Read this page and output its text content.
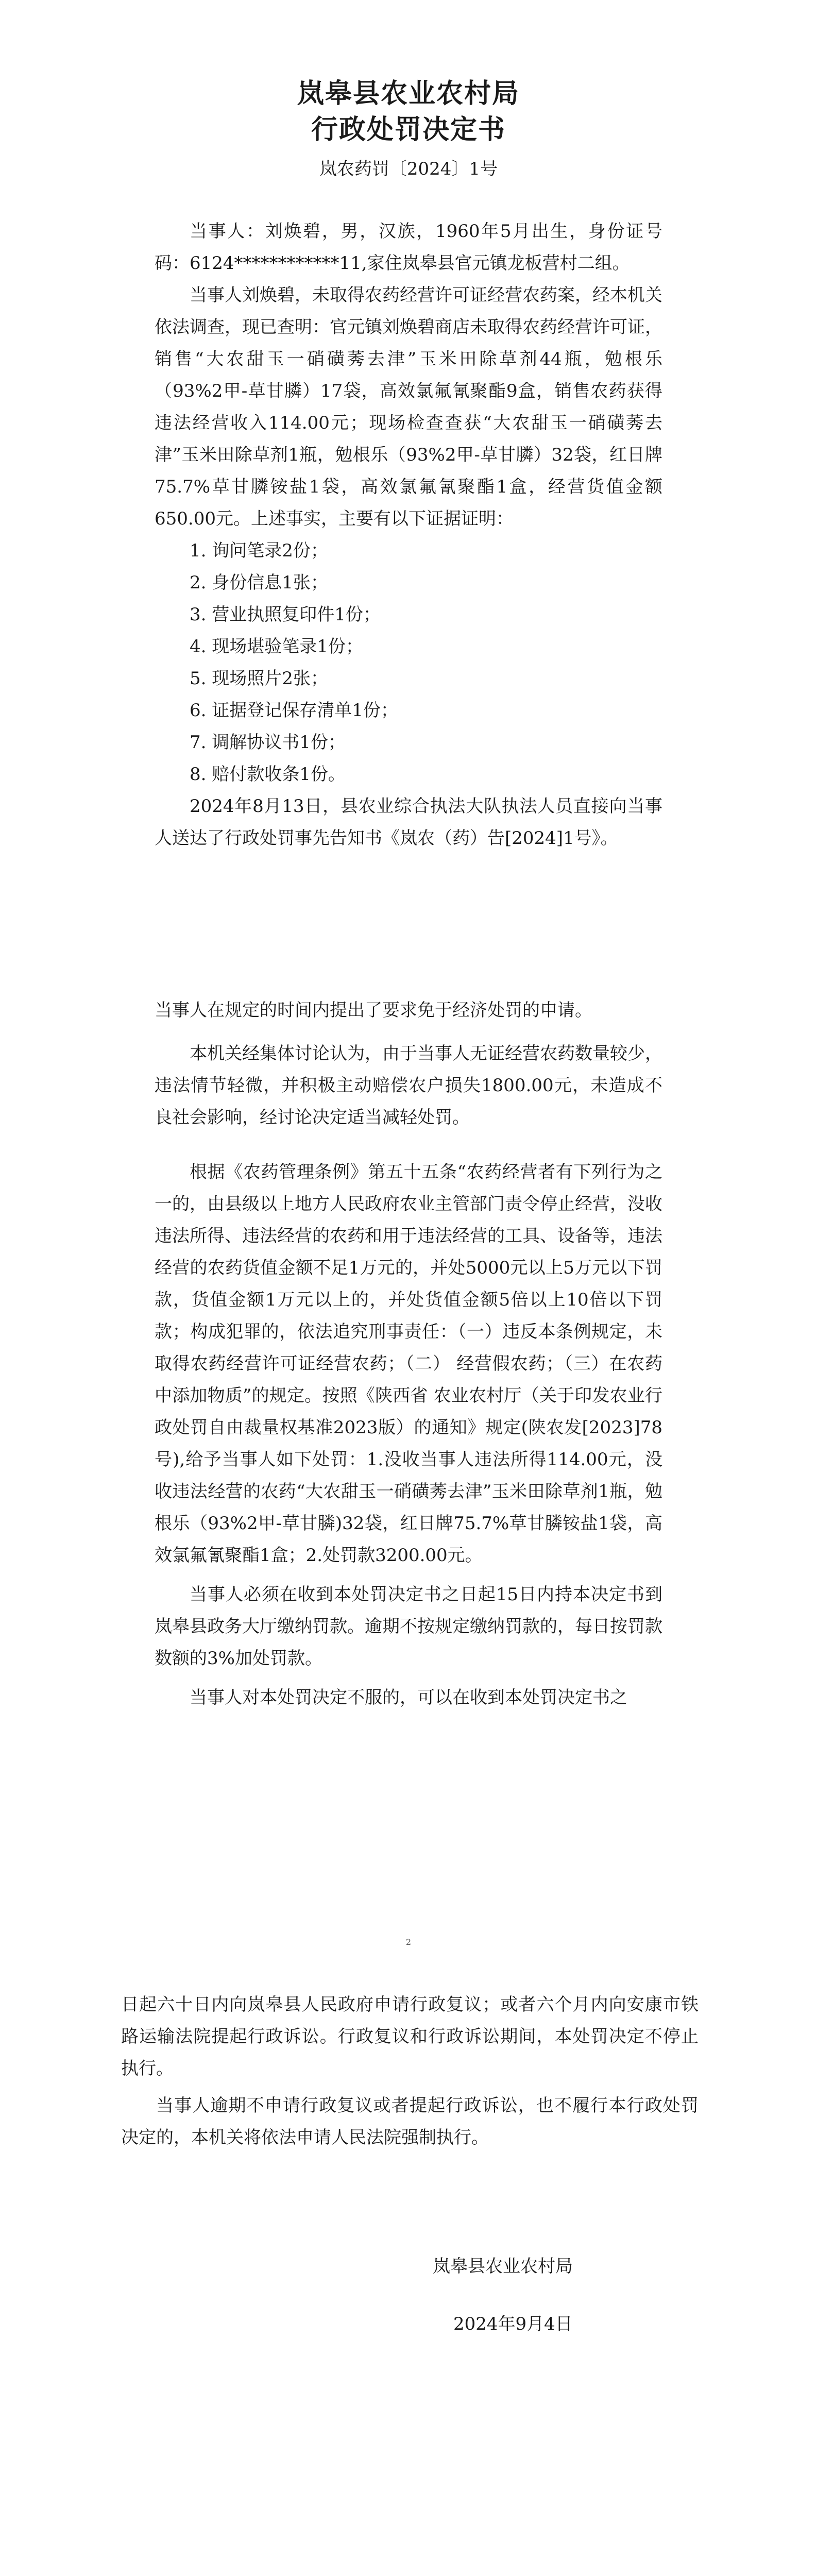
岚皋县农业农村局

行政处罚决定书

岚农药罚〔2024〕1号

当事人：刘焕碧，男，汉族，1960年5月出生，身份证号码：6124************11,家住岚皋县官元镇龙板营村二组。

当事人刘焕碧，未取得农药经营许可证经营农药案，经本机关依法调查，现已查明：官元镇刘焕碧商店未取得农药经营许可证，销售“大农甜玉一硝磺莠去津”玉米田除草剂44瓶，勉根乐（93%2甲-草甘膦）17袋，高效氯氟氰聚酯9盒，销售农药获得违法经营收入114.00元；现场检查查获“大农甜玉一硝磺莠去津”玉米田除草剂1瓶，勉根乐（93%2甲-草甘膦）32袋，红日牌75.7%草甘膦铵盐1袋，高效氯氟氰聚酯1盒，经营货值金额650.00元。上述事实，主要有以下证据证明：

1. 询问笔录2份；
2. 身份信息1张；
3. 营业执照复印件1份；
4. 现场堪验笔录1份；
5. 现场照片2张；
6. 证据登记保存清单1份；
7. 调解协议书1份；
8. 赔付款收条1份。

2024年8月13日，县农业综合执法大队执法人员直接向当事人送达了行政处罚事先告知书《岚农（药）告[2024]1号》。

当事人在规定的时间内提出了要求免于经济处罚的申请。

本机关经集体讨论认为，由于当事人无证经营农药数量较少，违法情节轻微，并积极主动赔偿农户损失1800.00元，未造成不良社会影响，经讨论决定适当减轻处罚。

根据《农药管理条例》第五十五条“农药经营者有下列行为之一的，由县级以上地方人民政府农业主管部门责令停止经营，没收违法所得、违法经营的农药和用于违法经营的工具、设备等，违法经营的农药货值金额不足1万元的，并处5000元以上5万元以下罚款，货值金额1万元以上的，并处货值金额5倍以上10倍以下罚款；构成犯罪的，依法追究刑事责任：（一）违反本条例规定，未取得农药经营许可证经营农药；（二） 经营假农药；（三）在农药中添加物质”的规定。按照《陕西省 农业农村厅（关于印发农业行政处罚自由裁量权基准2023版）的通知》规定(陕农发[2023]78号),给予当事人如下处罚：1.没收当事人违法所得114.00元，没收违法经营的农药“大农甜玉一硝磺莠去津”玉米田除草剂1瓶，勉根乐（93%2甲-草甘膦)32袋，红日牌75.7%草甘膦铵盐1袋，高效氯氟氰聚酯1盒；2.处罚款3200.00元。

当事人必须在收到本处罚决定书之日起15日内持本决定书到岚皋县政务大厅缴纳罚款。逾期不按规定缴纳罚款的，每日按罚款数额的3%加处罚款。

当事人对本处罚决定不服的，可以在收到本处罚决定书之

2

日起六十日内向岚皋县人民政府申请行政复议；或者六个月内向安康市铁路运输法院提起行政诉讼。行政复议和行政诉讼期间，本处罚决定不停止执行。

当事人逾期不申请行政复议或者提起行政诉讼，也不履行本行政处罚决定的，本机关将依法申请人民法院强制执行。

岚皋县农业农村局

2024年9月4日
